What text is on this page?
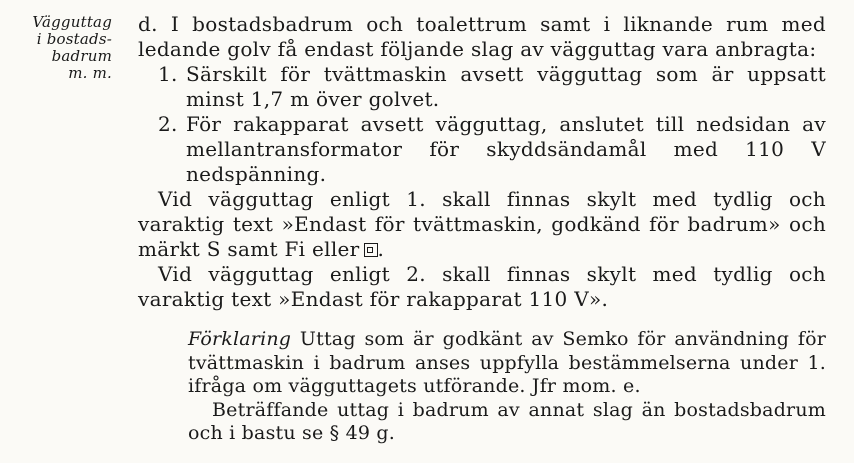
Vägguttag
i bostads-
badrum
m. m.
d. I bostadsbadrum och toalettrum samt i liknande rum med ledande golv få endast följande slag av vägguttag vara anbragta:
1. Särskilt för tvättmaskin avsett vägguttag som är uppsatt minst 1,7 m över golvet.
2. För rakapparat avsett vägguttag, anslutet till nedsidan av mellantransformator för skyddsändamål med 110 V nedspänning.
Vid vägguttag enligt 1. skall finnas skylt med tydlig och varaktig text »Endast för tvättmaskin, godkänd för badrum» och märkt S samt Fi eller .
Vid vägguttag enligt 2. skall finnas skylt med tydlig och varaktig text »Endast för rakapparat 110 V».
Förklaring Uttag som är godkänt av Semko för användning för tvättmaskin i badrum anses uppfylla bestämmelserna under 1. ifråga om vägguttagets utförande. Jfr mom. e.
Beträffande uttag i badrum av annat slag än bostadsbadrum och i bastu se § 49 g.
